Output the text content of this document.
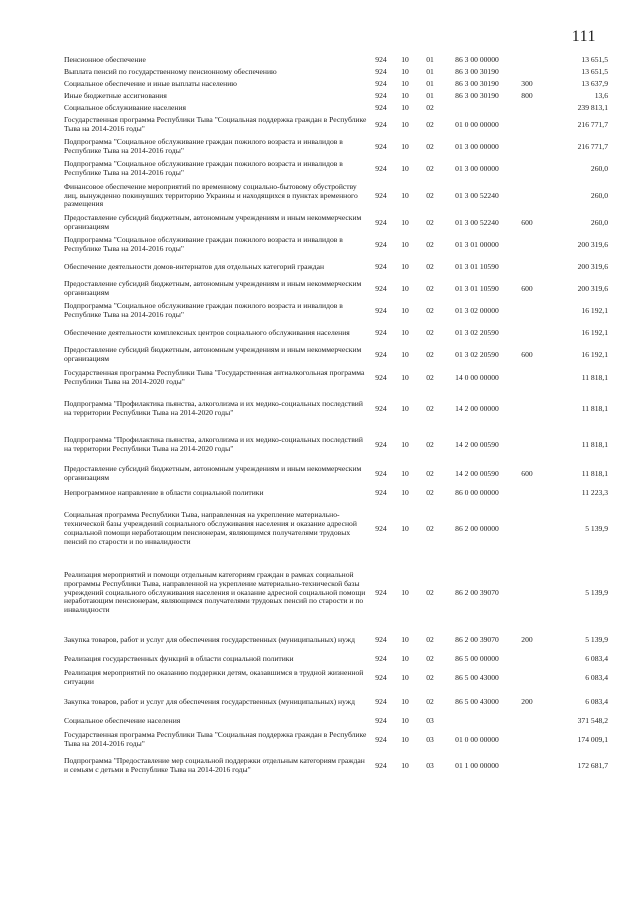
111
Пенсионное обеспечение	924	10	01	86 3 00 00000		13 651,5
Выплата пенсий по государственному пенсионному обеспечению	924	10	01	86 3 00 30190		13 651,5
Социальное обеспечение и иные выплаты населению	924	10	01	86 3 00 30190	300	13 637,9
Иные бюджетные ассигнования	924	10	01	86 3 00 30190	800	13,6
Социальное обслуживание населения	924	10	02			239 813,1
Государственная программа Республики Тыва "Социальная поддержка граждан в Республике Тыва на 2014-2016 годы"	924	10	02	01 0 00 00000		216 771,7
Подпрограмма "Социальное обслуживание граждан пожилого возраста и инвалидов в Республике Тыва на 2014-2016 годы"	924	10	02	01 3 00 00000		216 771,7
Подпрограмма "Социальное обслуживание граждан пожилого возраста и инвалидов в Республике Тыва на 2014-2016 годы"	924	10	02	01 3 00 00000		260,0
Финансовое обеспечение мероприятий по временному социально-бытовому обустройству лиц, вынужденно покинувших территорию Украины и находящихся в пунктах временного размещения	924	10	02	01 3 00 52240		260,0
Предоставление субсидий бюджетным, автономным учреждениям и иным некоммерческим организациям	924	10	02	01 3 00 52240	600	260,0
Подпрограмма "Социальное обслуживание граждан пожилого возраста и инвалидов в Республике Тыва на 2014-2016 годы"	924	10	02	01 3 01 00000		200 319,6
Обеспечение деятельности домов-интернатов для отдельных категорий граждан	924	10	02	01 3 01 10590		200 319,6
Предоставление субсидий бюджетным, автономным учреждениям и иным некоммерческим организациям	924	10	02	01 3 01 10590	600	200 319,6
Подпрограмма "Социальное обслуживание граждан пожилого возраста и инвалидов в Республике Тыва на 2014-2016 годы"	924	10	02	01 3 02 00000		16 192,1
Обеспечение деятельности комплексных центров социального обслуживания населения	924	10	02	01 3 02 20590		16 192,1
Предоставление субсидий бюджетным, автономным учреждениям и иным некоммерческим организациям	924	10	02	01 3 02 20590	600	16 192,1
Государственная программа Республики Тыва "Государственная антиалкогольная программа Республики Тыва на 2014-2020 годы"	924	10	02	14 0 00 00000		11 818,1
Подпрограмма "Профилактика пьянства, алкоголизма и их медико-социальных последствий на территории Республики Тыва на 2014-2020 годы"	924	10	02	14 2 00 00000		11 818,1
Подпрограмма "Профилактика пьянства, алкоголизма и их медико-социальных последствий на территории Республики Тыва на 2014-2020 годы"	924	10	02	14 2 00 00590		11 818,1
Предоставление субсидий бюджетным, автономным учреждениям и иным некоммерческим организациям	924	10	02	14 2 00 00590	600	11 818,1
Непрограммное направление в области социальной политики	924	10	02	86 0 00 00000		11 223,3
Социальная программа Республики Тыва, направленная на укрепление материально-технической базы учреждений социального обслуживания населения и оказание адресной социальной помощи неработающим пенсионерам, являющимся получателями трудовых пенсий по старости и по инвалидности	924	10	02	86 2 00 00000		5 139,9
Реализация мероприятий и помощи отдельным категориям граждан в рамках социальной программы Республики Тыва, направленной на укрепление материально-технической базы учреждений социального обслуживания населения и оказание адресной социальной помощи неработающим пенсионерам, являющимся получателями трудовых пенсий по старости и по инвалидности	924	10	02	86 2 00 39070		5 139,9
Закупка товаров, работ и услуг для обеспечения государственных (муниципальных) нужд	924	10	02	86 2 00 39070	200	5 139,9
Реализация государственных функций в области социальной политики	924	10	02	86 5 00 00000		6 083,4
Реализация мероприятий по оказанию поддержки детям, оказавшимся в трудной жизненной ситуации	924	10	02	86 5 00 43000		6 083,4
Закупка товаров, работ и услуг для обеспечения государственных (муниципальных) нужд	924	10	02	86 5 00 43000	200	6 083,4
Социальное обеспечение населения	924	10	03			371 548,2
Государственная программа Республики Тыва "Социальная поддержка граждан в Республике Тыва на 2014-2016 годы"	924	10	03	01 0 00 00000		174 009,1
Подпрограмма "Предоставление мер социальной поддержки отдельным категориям граждан и семьям с детьми в Республике Тыва на 2014-2016 годы"	924	10	03	01 1 00 00000		172 681,7
